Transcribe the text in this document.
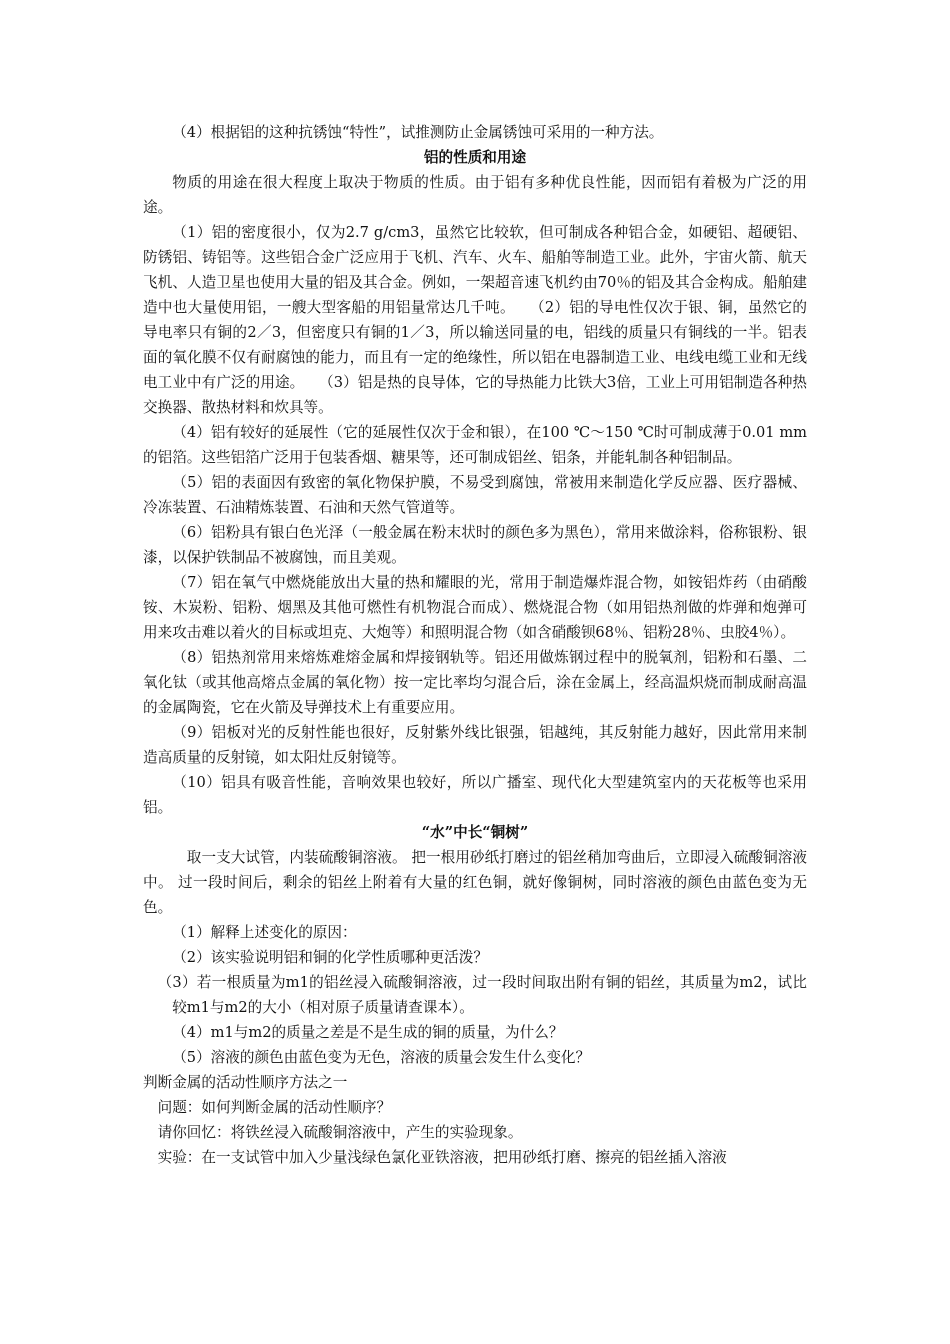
（4）根据铝的这种抗锈蚀“特性”，试推测防止金属锈蚀可采用的一种方法。

铝的性质和用途

物质的用途在很大程度上取决于物质的性质。由于铝有多种优良性能，因而铝有着极为广泛的用途。

（1）铝的密度很小，仅为2.7 g/cm3，虽然它比较软，但可制成各种铝合金，如硬铝、超硬铝、防锈铝、铸铝等。这些铝合金广泛应用于飞机、汽车、火车、船舶等制造工业。此外，宇宙火箭、航天飞机、人造卫星也使用大量的铝及其合金。例如，一架超音速飞机约由70％的铝及其合金构成。船舶建造中也大量使用铝，一艘大型客船的用铝量常达几千吨。　　（2）铝的导电性仅次于银、铜，虽然它的导电率只有铜的2／3，但密度只有铜的1／3，所以输送同量的电，铝线的质量只有铜线的一半。铝表面的氧化膜不仅有耐腐蚀的能力，而且有一定的绝缘性，所以铝在电器制造工业、电线电缆工业和无线电工业中有广泛的用途。　　（3）铝是热的良导体，它的导热能力比铁大3倍，工业上可用铝制造各种热交换器、散热材料和炊具等。

（4）铝有较好的延展性（它的延展性仅次于金和银），在100 ℃～150 ℃时可制成薄于0.01 mm的铝箔。这些铝箔广泛用于包装香烟、糖果等，还可制成铝丝、铝条，并能轧制各种铝制品。

（5）铝的表面因有致密的氧化物保护膜，不易受到腐蚀，常被用来制造化学反应器、医疗器械、冷冻装置、石油精炼装置、石油和天然气管道等。

（6）铝粉具有银白色光泽（一般金属在粉末状时的颜色多为黑色），常用来做涂料，俗称银粉、银漆，以保护铁制品不被腐蚀，而且美观。

（7）铝在氧气中燃烧能放出大量的热和耀眼的光，常用于制造爆炸混合物，如铵铝炸药（由硝酸铵、木炭粉、铝粉、烟黑及其他可燃性有机物混合而成）、燃烧混合物（如用铝热剂做的炸弹和炮弹可用来攻击难以着火的目标或坦克、大炮等）和照明混合物（如含硝酸钡68％、铝粉28％、虫胶4％）。

（8）铝热剂常用来熔炼难熔金属和焊接钢轨等。铝还用做炼钢过程中的脱氧剂，铝粉和石墨、二氧化钛（或其他高熔点金属的氧化物）按一定比率均匀混合后，涂在金属上，经高温炽烧而制成耐高温的金属陶瓷，它在火箭及导弹技术上有重要应用。

（9）铝板对光的反射性能也很好，反射紫外线比银强，铝越纯，其反射能力越好，因此常用来制造高质量的反射镜，如太阳灶反射镜等。

（10）铝具有吸音性能，音响效果也较好，所以广播室、现代化大型建筑室内的天花板等也采用铝。

“水”中长“铜树”

取一支大试管，内装硫酸铜溶液。 把一根用砂纸打磨过的铝丝稍加弯曲后，立即浸入硫酸铜溶液中。 过一段时间后，剩余的铝丝上附着有大量的红色铜，就好像铜树，同时溶液的颜色由蓝色变为无色。

（1）解释上述变化的原因：

（2）该实验说明铝和铜的化学性质哪种更活泼？

（3）若一根质量为m1的铝丝浸入硫酸铜溶液，过一段时间取出附有铜的铝丝，其质量为m2，试比较m1与m2的大小（相对原子质量请查课本）。

（4）m1与m2的质量之差是不是生成的铜的质量，为什么？

（5）溶液的颜色由蓝色变为无色，溶液的质量会发生什么变化？

判断金属的活动性顺序方法之一

问题：如何判断金属的活动性顺序？

请你回忆：将铁丝浸入硫酸铜溶液中，产生的实验现象。

实验：在一支试管中加入少量浅绿色氯化亚铁溶液，把用砂纸打磨、擦亮的铝丝插入溶液
